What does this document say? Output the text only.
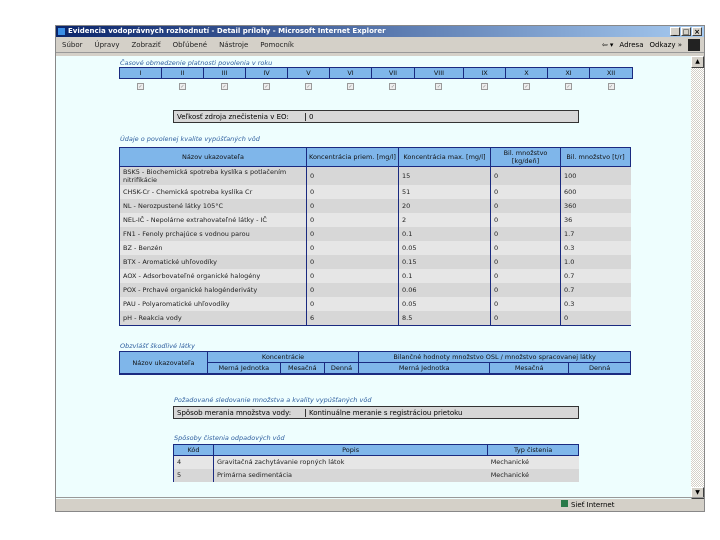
Evidencia vodoprávnych rozhodnutí - Detail prílohy - Microsoft Internet Explorer	_ □ ×
Súbor	Úpravy	Zobraziť	Obľúbené	Nástroje	Pomocník	⇦ ▾ Adresa Odkazy »
Časové obmedzenie platnosti povolenia v roku
I	II	III	IV	V	VI	VII	VIII	IX	X	XI	XII
✓	✓	✓	✓	✓	✓	✓	✓	✓	✓	✓	✓
Veľkosť zdroja znečistenia v EO:	0
Údaje o povolenej kvalite vypúšťaných vôd
Názov ukazovateľa	Koncentrácia priem. [mg/l]	Koncentrácia max. [mg/l]	Bil. množstvo [kg/deň]	Bil. množstvo [t/r]
BSK5 - Biochemická spotreba kyslíka s potlačením nitrifikácie	0	15	0	100
CHSK-Cr - Chemická spotreba kyslíka Cr	0	51	0	600
NL - Nerozpustené látky 105°C	0	20	0	360
NEL-IČ - Nepolárne extrahovateľné látky - IČ	0	2	0	36
FN1 - Fenoly prchajúce s vodnou parou	0	0.1	0	1.7
BZ - Benzén	0	0.05	0	0.3
BTX - Aromatické uhľovodíky	0	0.15	0	1.0
AOX - Adsorbovateľné organické halogény	0	0.1	0	0.7
POX - Prchavé organické halogénderiváty	0	0.06	0	0.7
PAU - Polyaromatické uhľovodíky	0	0.05	0	0.3
pH - Reakcia vody	6	8.5	0	0
Obzvlášť škodlivé látky
Názov ukazovateľa	Koncentrácie			Bilančné hodnoty množstvo OSL / množstvo spracovanej látky		
	Merná Jednotka	Mesačná	Denná	Merná Jednotka	Mesačná	Denná
Požadované sledovanie množstva a kvality vypúšťaných vôd
Spôsob merania množstva vody:	Kontinuálne meranie s registráciou prietoku
Spôsoby čistenia odpadových vôd
Kód	Popis	Typ čistenia
4	Gravitačná zachytávanie ropných látok	Mechanické
5	Primárna sedimentácia	Mechanické
▲
▼
Sieť Internet
